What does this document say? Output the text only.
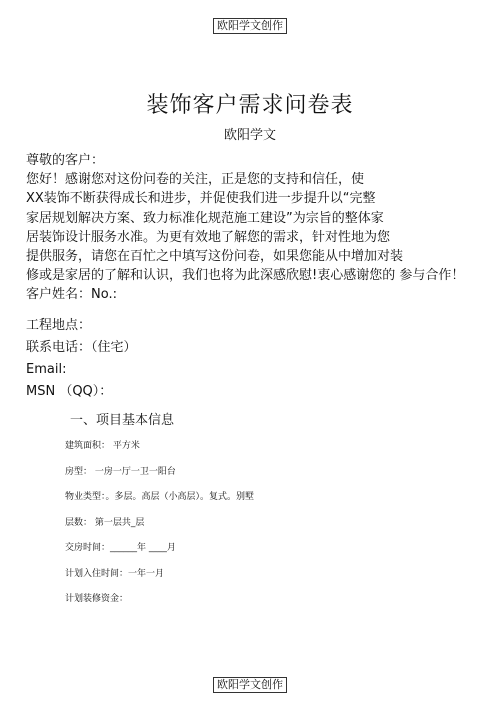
欧阳学文创作
装饰客户需求问卷表
欧阳学文
尊敬的客户：
您好！感谢您对这份问卷的关注，正是您的支持和信任，使
XX装饰不断获得成长和进步，并促使我们进一步提升以“完整
家居规划解决方案、致力标准化规范施工建设”为宗旨的整体家
居装饰设计服务水准。为更有效地了解您的需求，针对性地为您
提供服务，请您在百忙之中填写这份问卷，如果您能从中增加对装
修或是家居的了解和认识，我们也将为此深感欣慰!衷心感谢您的 参与合作！
客户姓名：No.:
工程地点：
联系电话：（住宅）
Email:
MSN （QQ）：
一、项目基本信息
建筑面积： 平方米
房型： 一房一厅一卫一阳台
物业类型：。多层。高层（小高层）。复式。别墅
层数： 第一层共_层
交房时间：______年 ____月
计划入住时间：一年一月
计划装修资金：
欧阳学文创作
